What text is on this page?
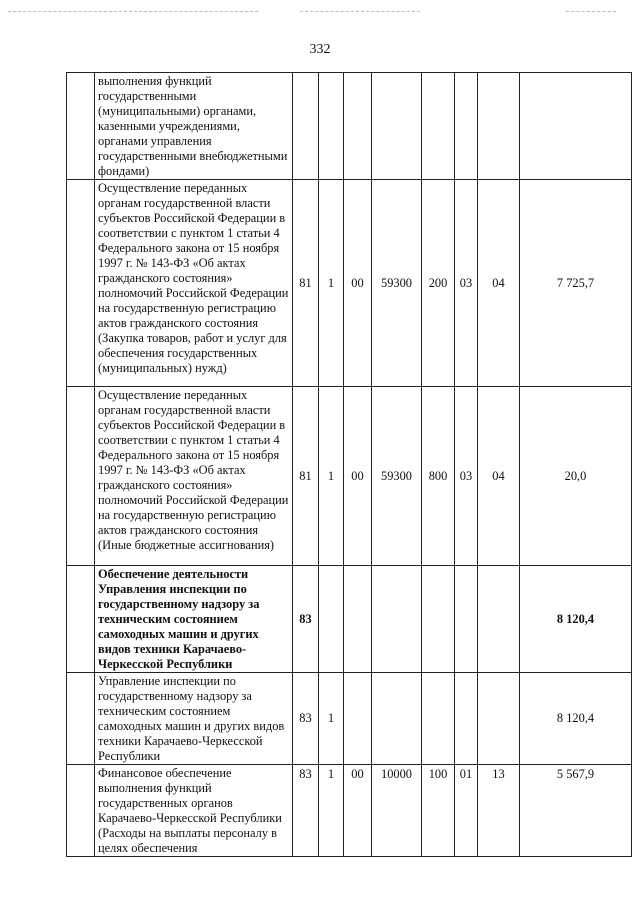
332
	выполнения функций государственными (муниципальными) органами, казенными учреждениями, органами управления государственными внебюджетными фондами)								
	Осуществление переданных органам государственной власти субъектов Российской Федерации в соответствии с пунктом 1 статьи 4 Федерального закона от 15 ноября 1997 г. № 143-ФЗ «Об актах гражданского состояния» полномочий Российской Федерации на государственную регистрацию актов гражданского состояния (Закупка товаров, работ и услуг для обеспечения государственных (муниципальных) нужд)	81	1	00	59300	200	03	04	7 725,7
	Осуществление переданных органам государственной власти субъектов Российской Федерации в соответствии с пунктом 1 статьи 4 Федерального закона от 15 ноября 1997 г. № 143-ФЗ «Об актах гражданского состояния» полномочий Российской Федерации на государственную регистрацию актов гражданского состояния (Иные бюджетные ассигнования)	81	1	00	59300	800	03	04	20,0
	Обеспечение деятельности Управления инспекции по государственному надзору за техническим состоянием самоходных машин и других видов техники Карачаево-Черкесской Республики	83							8 120,4
	Управление инспекции по государственному надзору за техническим состоянием самоходных машин и других видов техники Карачаево-Черкесской Республики	83	1						8 120,4
	Финансовое обеспечение выполнения функций государственных органов Карачаево-Черкесской Республики (Расходы на выплаты персоналу в целях обеспечения	83	1	00	10000	100	01	13	5 567,9
